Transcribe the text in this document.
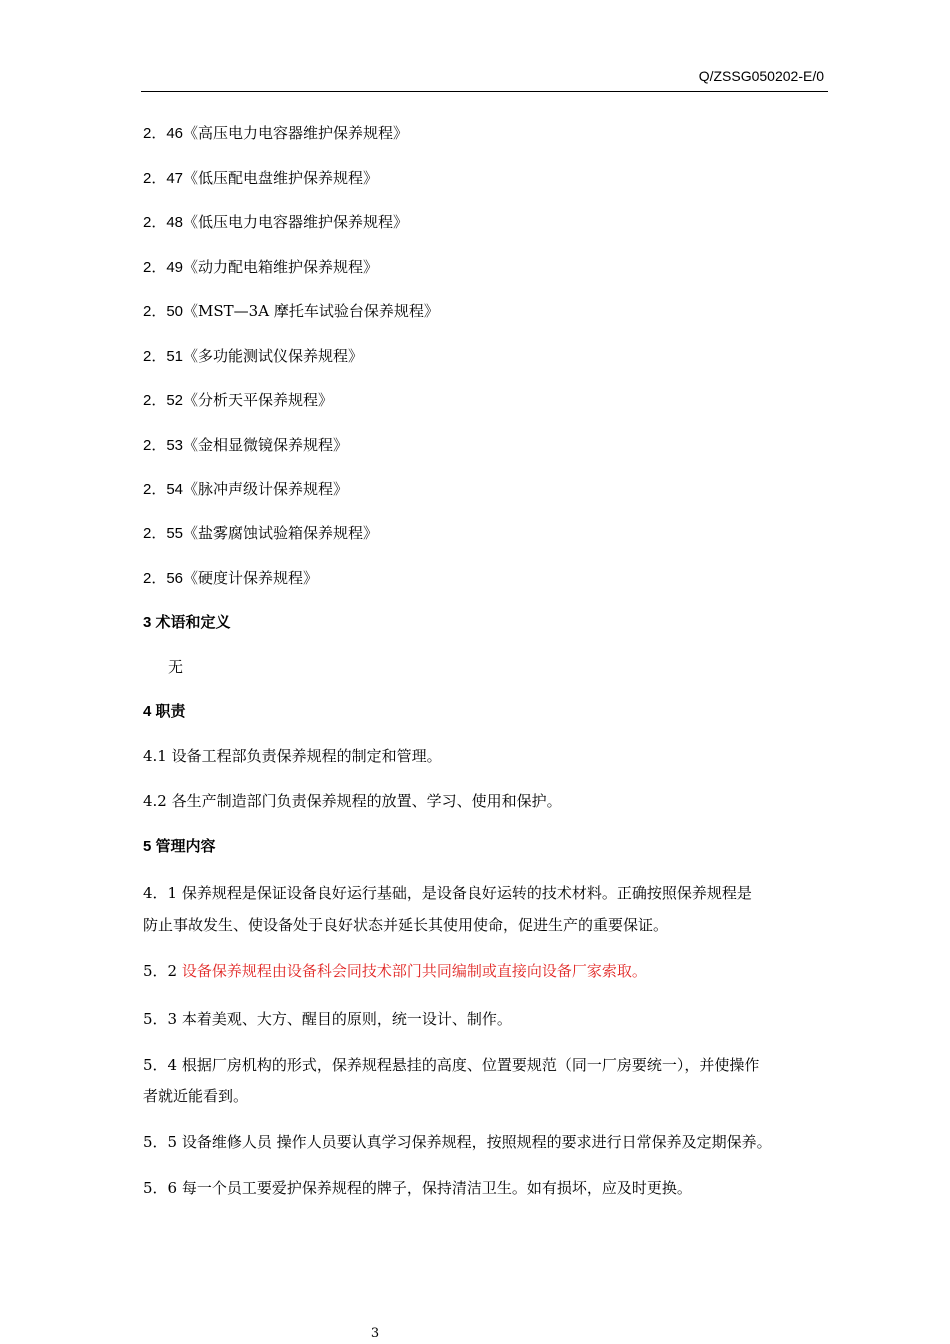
Q/ZSSG050202-E/0
2．46《高压电力电容器维护保养规程》
2．47《低压配电盘维护保养规程》
2．48《低压电力电容器维护保养规程》
2．49《动力配电箱维护保养规程》
2．50《MST—3A 摩托车试验台保养规程》
2．51《多功能测试仪保养规程》
2．52《分析天平保养规程》
2．53《金相显微镜保养规程》
2．54《脉冲声级计保养规程》
2．55《盐雾腐蚀试验箱保养规程》
2．56《硬度计保养规程》
3 术语和定义
无
4 职责
4.1 设备工程部负责保养规程的制定和管理。
4.2 各生产制造部门负责保养规程的放置、学习、使用和保护。
5 管理内容
4．1 保养规程是保证设备良好运行基础，是设备良好运转的技术材料。正确按照保养规程是
防止事故发生、使设备处于良好状态并延长其使用使命，促进生产的重要保证。
5．2 设备保养规程由设备科会同技术部门共同编制或直接向设备厂家索取。
5．3 本着美观、大方、醒目的原则，统一设计、制作。
5．4 根据厂房机构的形式，保养规程悬挂的高度、位置要规范（同一厂房要统一），并使操作
者就近能看到。
5．5 设备维修人员 操作人员要认真学习保养规程，按照规程的要求进行日常保养及定期保养。
5．6 每一个员工要爱护保养规程的牌子，保持清洁卫生。如有损坏，应及时更换。
3
